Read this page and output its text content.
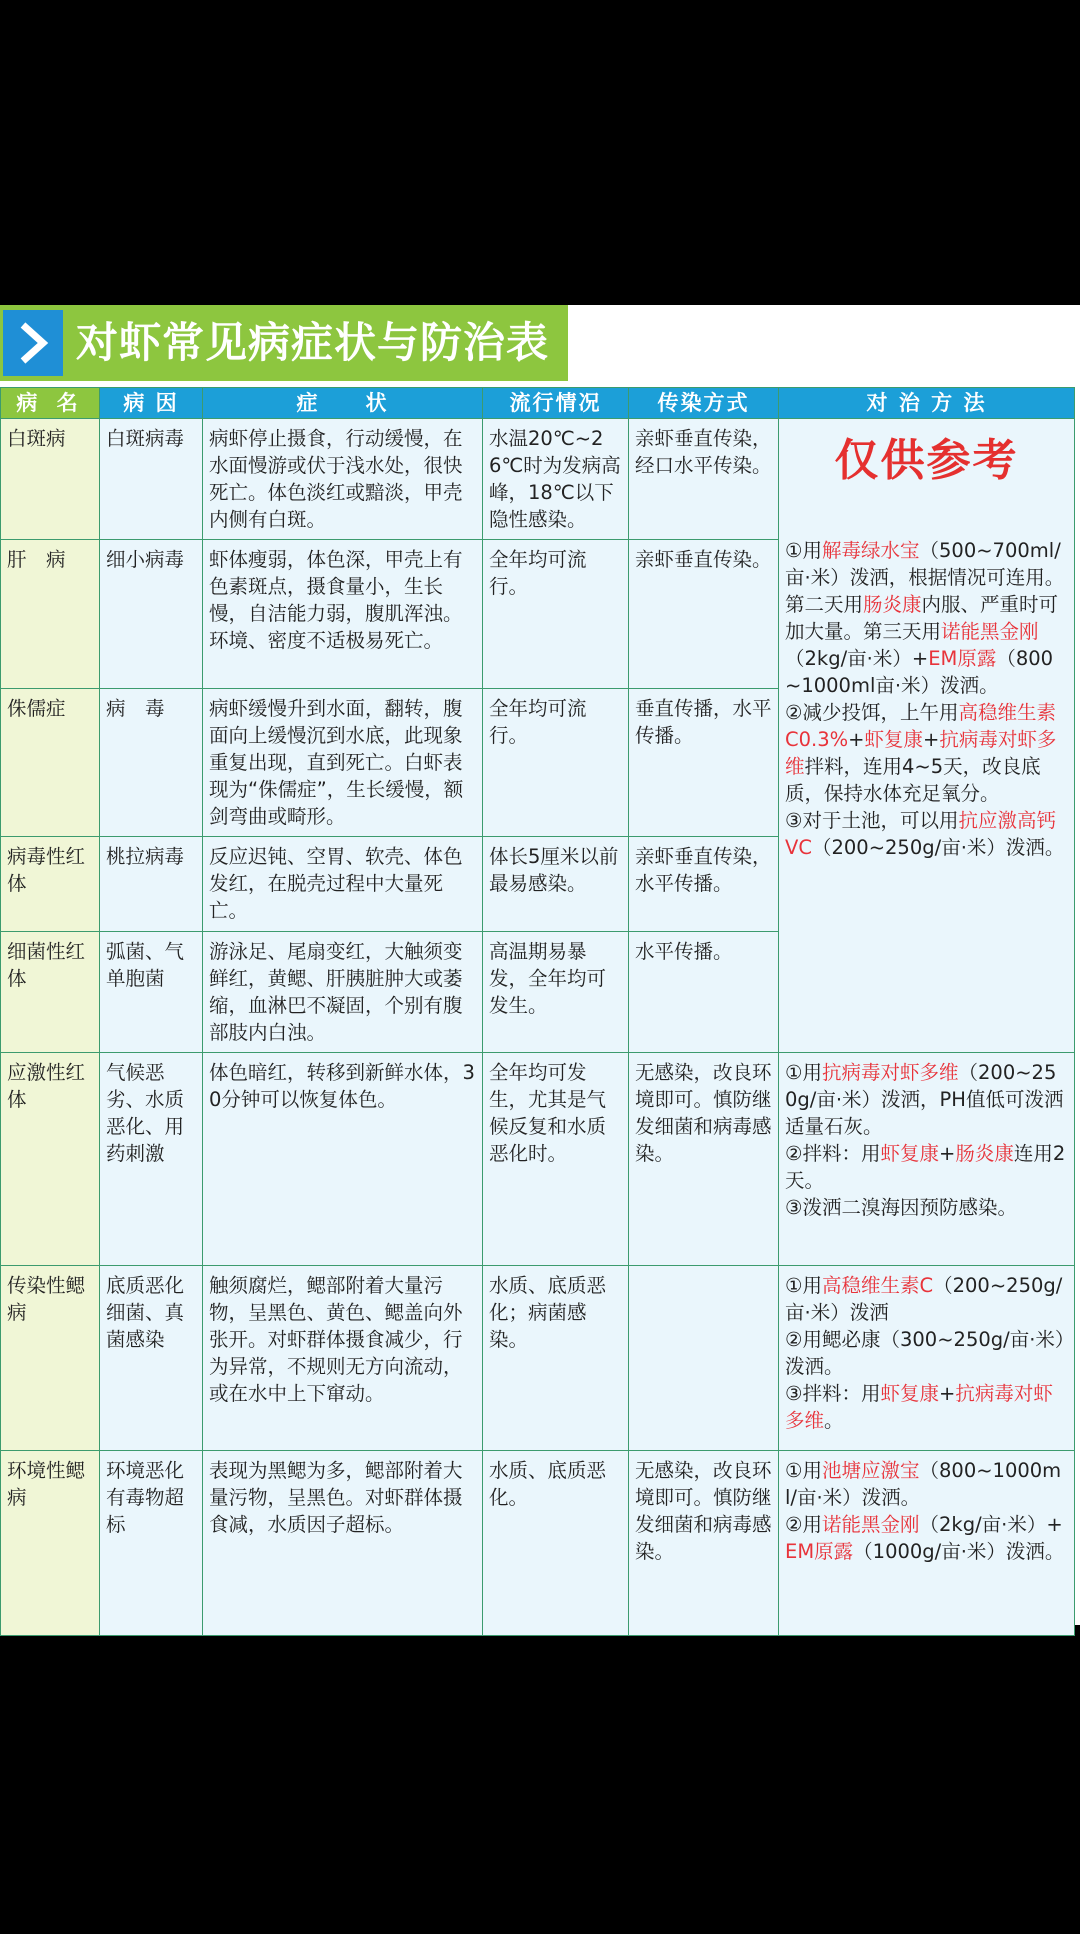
对虾常见病症状与防治表
病 名	病 因	症　　状	流行情况	传染方式	对 治 方 法
白斑病	白斑病毒	病虾停止摄食，行动缓慢，在水面慢游或伏于浅水处，很快死亡。体色淡红或黯淡，甲壳内侧有白斑。	水温20℃~26℃时为发病高峰，18℃以下隐性感染。	亲虾垂直传染，经口水平传染。	仅供参考
①用解毒绿水宝（500~700ml/亩·米）泼洒，根据情况可连用。第二天用肠炎康内服、严重时可加大量。第三天用诺能黑金刚（2kg/亩·米）+EM原露（800~1000ml亩·米）泼洒。
②减少投饵，上午用高稳维生素C0.3%+虾复康+抗病毒对虾多维拌料，连用4~5天，改良底质，保持水体充足氧分。
③对于土池，可以用抗应激高钙VC（200~250g/亩·米）泼洒。

肝　病	细小病毒	虾体瘦弱，体色深，甲壳上有色素斑点，摄食量小，生长慢，自洁能力弱，腹肌浑浊。环境、密度不适极易死亡。	全年均可流行。	亲虾垂直传染。	
侏儒症	病　毒	病虾缓慢升到水面，翻转，腹面向上缓慢沉到水底，此现象重复出现，直到死亡。白虾表现为“侏儒症”，生长缓慢，额剑弯曲或畸形。	全年均可流行。	垂直传播，水平传播。	
病毒性红体	桃拉病毒	反应迟钝、空胃、软壳、体色发红，在脱壳过程中大量死亡。	体长5厘米以前最易感染。	亲虾垂直传染，水平传播。	
细菌性红体	弧菌、气单胞菌	游泳足、尾扇变红，大触须变鲜红，黄鳃、肝胰脏肿大或萎缩，血淋巴不凝固，个别有腹部肢内白浊。	高温期易暴发，全年均可发生。	水平传播。	
应激性红体	气候恶劣、水质恶化、用药刺激	体色暗红，转移到新鲜水体，30分钟可以恢复体色。	全年均可发生，尤其是气候反复和水质恶化时。	无感染，改良环境即可。慎防继发细菌和病毒感染。	①用抗病毒对虾多维（200~250g/亩·米）泼洒，PH值低可泼洒适量石灰。
②拌料：用虾复康+肠炎康连用2天。
③泼洒二溴海因预防感染。

传染性鳃病	底质恶化细菌、真菌感染	触须腐烂，鳃部附着大量污物，呈黑色、黄色、鳃盖向外张开。对虾群体摄食减少，行为异常，不规则无方向流动，或在水中上下窜动。	水质、底质恶化；病菌感染。		①用高稳维生素C（200~250g/亩·米）泼洒
②用鳃必康（300~250g/亩·米）泼洒。
③拌料：用虾复康+抗病毒对虾多维。

环境性鳃病	环境恶化有毒物超标	表现为黑鳃为多，鳃部附着大量污物，呈黑色。对虾群体摄食减，水质因子超标。	水质、底质恶化。	无感染，改良环境即可。慎防继发细菌和病毒感染。	①用池塘应激宝（800~1000ml/亩·米）泼洒。
②用诺能黑金刚（2kg/亩·米）+EM原露（1000g/亩·米）泼洒。
